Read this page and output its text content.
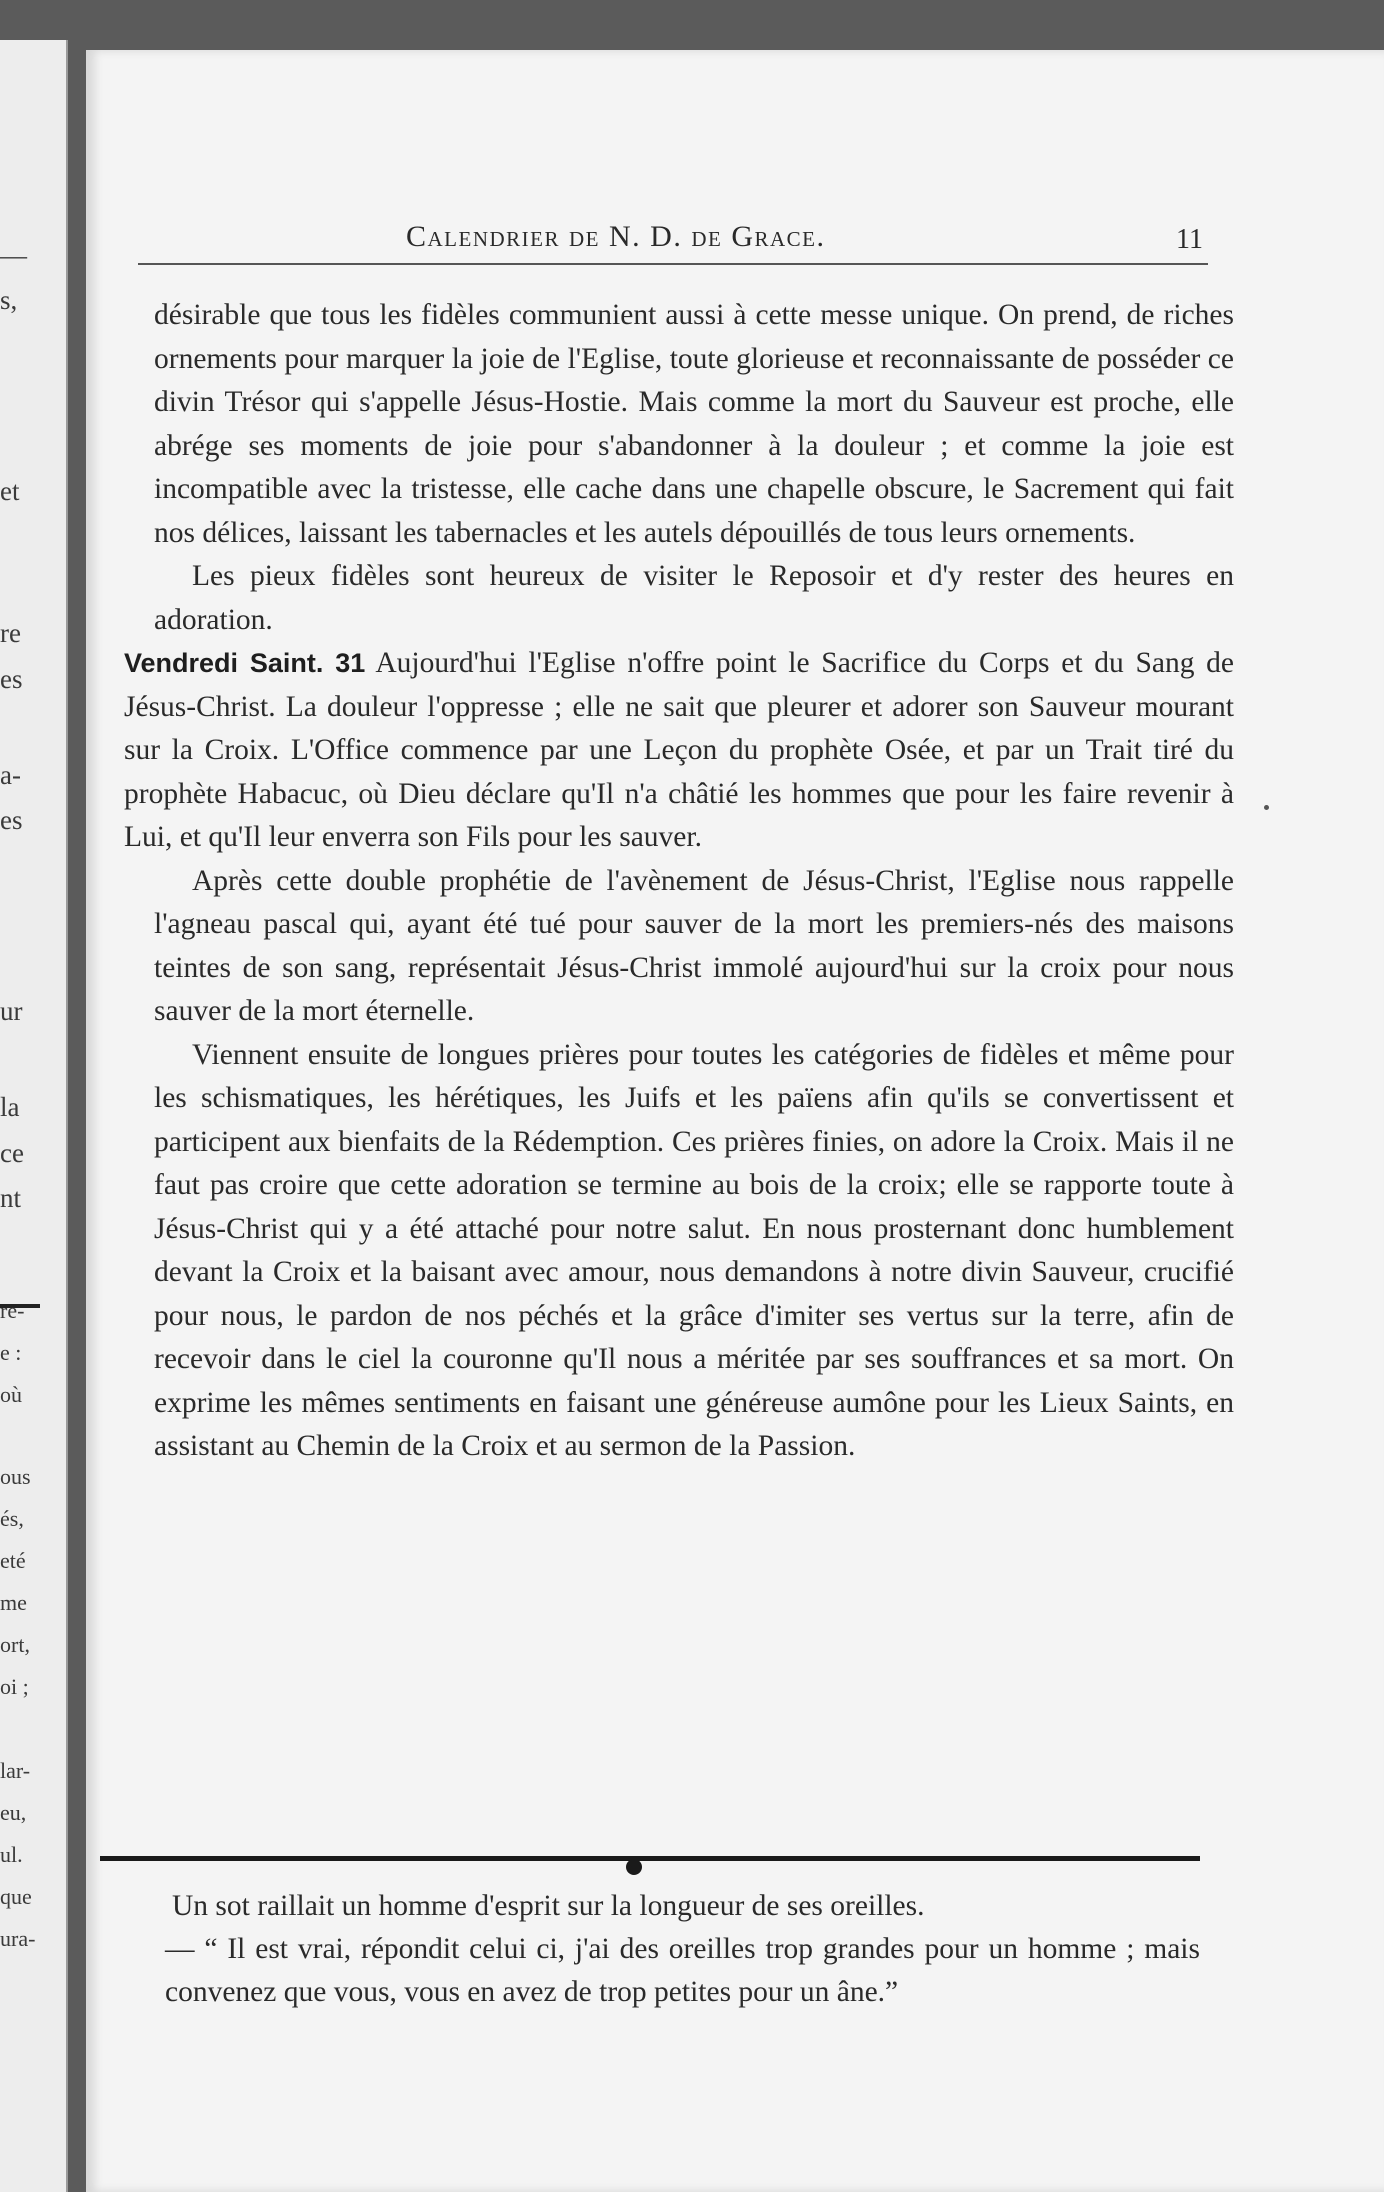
—
s,
et
re
es
a-
es
ur
la
ce
nt
re-
e :
où
ous
és,
eté
me
ort,
oi ;
lar-
eu,
ul.
que
ura-
Calendrier de N. D. de Grace.	11

désirable que tous les fidèles communient aussi à cette messe unique. On prend, de riches ornements pour marquer la joie de l'Eglise, toute glorieuse et reconnaissante de posséder ce divin Trésor qui s'appelle Jésus-Hostie. Mais comme la mort du Sauveur est proche, elle abrége ses moments de joie pour s'abandonner à la douleur ; et comme la joie est incompatible avec la tristesse, elle cache dans une chapelle obscure, le Sacrement qui fait nos délices, laissant les tabernacles et les autels dépouillés de tous leurs ornements.

Les pieux fidèles sont heureux de visiter le Reposoir et d'y rester des heures en adoration.

Vendredi Saint. 31 Aujourd'hui l'Eglise n'offre point le Sacrifice du Corps et du Sang de Jésus-Christ. La douleur l'oppresse ; elle ne sait que pleurer et adorer son Sauveur mourant sur la Croix. L'Office commence par une Leçon du prophète Osée, et par un Trait tiré du prophète Habacuc, où Dieu déclare qu'Il n'a châtié les hommes que pour les faire revenir à Lui, et qu'Il leur enverra son Fils pour les sauver.

Après cette double prophétie de l'avènement de Jésus-Christ, l'Eglise nous rappelle l'agneau pascal qui, ayant été tué pour sauver de la mort les premiers-nés des maisons teintes de son sang, représentait Jésus-Christ immolé aujourd'hui sur la croix pour nous sauver de la mort éternelle.

Viennent ensuite de longues prières pour toutes les catégories de fidèles et même pour les schismatiques, les hérétiques, les Juifs et les païens afin qu'ils se convertissent et participent aux bienfaits de la Rédemption. Ces prières finies, on adore la Croix. Mais il ne faut pas croire que cette adoration se termine au bois de la croix; elle se rapporte toute à Jésus-Christ qui y a été attaché pour notre salut. En nous prosternant donc humblement devant la Croix et la baisant avec amour, nous demandons à notre divin Sauveur, crucifié pour nous, le pardon de nos péchés et la grâce d'imiter ses vertus sur la terre, afin de recevoir dans le ciel la couronne qu'Il nous a méritée par ses souffrances et sa mort. On exprime les mêmes sentiments en faisant une généreuse aumône pour les Lieux Saints, en assistant au Chemin de la Croix et au sermon de la Passion.

Un sot raillait un homme d'esprit sur la longueur de ses oreilles.

— “ Il est vrai, répondit celui ci, j'ai des oreilles trop grandes pour un homme ; mais convenez que vous, vous en avez de trop petites pour un âne.”
